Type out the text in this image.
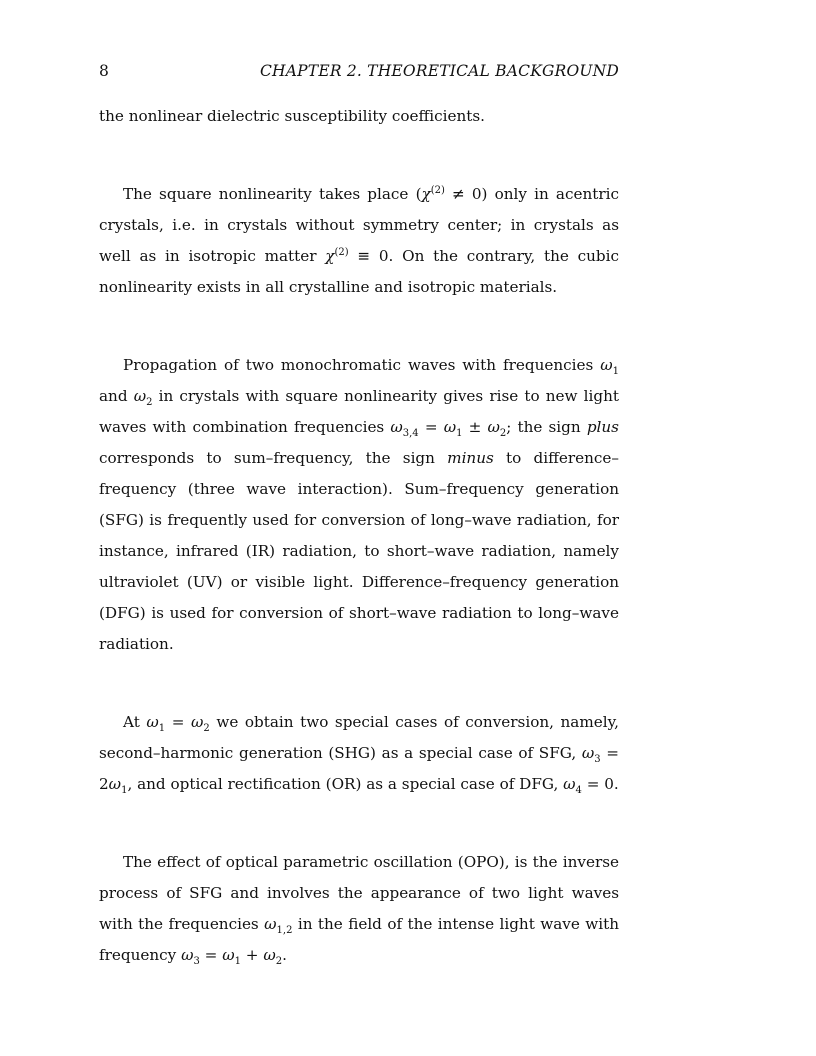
8	CHAPTER 2. THEORETICAL BACKGROUND

the nonlinear dielectric susceptibility coefficients.

The square nonlinearity takes place $(\chi^{(2)} \ne 0)$ only in acentric crystals, i.e. in crystals without symmetry center; in crystals as well as in isotropic matter $\chi^{(2)} \equiv 0$. On the contrary, the cubic nonlinearity exists in all crystalline and isotropic materials.

Propagation of two monochromatic waves with frequencies $\omega_1$ and $\omega_2$ in crystals with square nonlinearity gives rise to new light waves with combination frequencies $\omega_{3,4} = \omega_1 \pm \omega_2$; the sign plus corresponds to sum–frequency, the sign minus to difference–frequency (three wave interaction). Sum–frequency generation (SFG) is frequently used for conversion of long–wave radiation, for instance, infrared (IR) radiation, to short–wave radiation, namely ultraviolet (UV) or visible light. Difference–frequency generation (DFG) is used for conversion of short–wave radiation to long–wave radiation.

At $\omega_1 = \omega_2$ we obtain two special cases of conversion, namely, second–harmonic generation (SHG) as a special case of SFG, $\omega_3 = 2\omega_1$, and optical rectification (OR) as a special case of DFG, $\omega_4 = 0$.

The effect of optical parametric oscillation (OPO), is the inverse process of SFG and involves the appearance of two light waves with the frequencies $\omega_{1,2}$ in the field of the intense light wave with frequency $\omega_3 = \omega_1 + \omega_2$.
